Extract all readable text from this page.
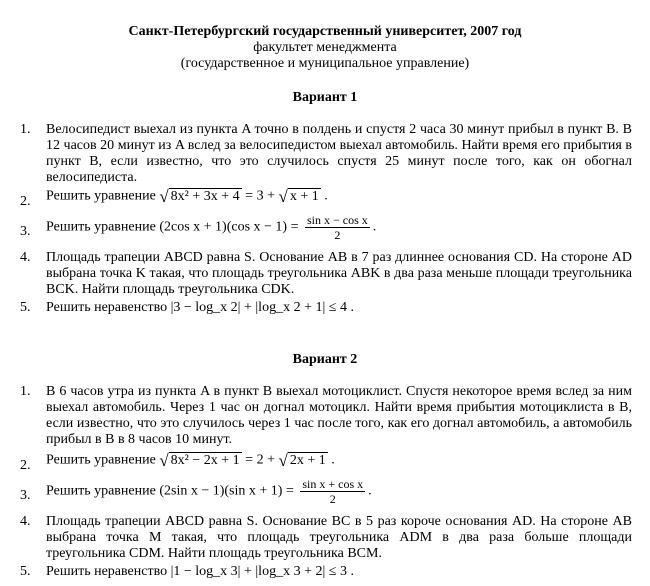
Санкт-Петербургский государственный университет, 2007 год
факультет менеджмента
(государственное и муниципальное управление)
Вариант 1
1. Велосипедист выехал из пункта A точно в полдень и спустя 2 часа 30 минут прибыл в пункт B. В 12 часов 20 минут из A вслед за велосипедистом выехал автомобиль. Найти время его прибытия в пункт B, если известно, что это случилось спустя 25 минут после того, как он обогнал велосипедиста.
2. Решить уравнение √ 8x² + 3x + 4 = 3 + √ x + 1 .
3. Решить уравнение (2cos x + 1)(cos $x - 1) = \frac{\text{sin x − cos x}}{2}$ .
4. Площадь трапеции ABCD равна S. Основание AB в 7 раз длиннее основания CD. На стороне AD выбрана точка K такая, что площадь треугольника ABK в два раза меньше площади треугольника BCK. Найти площадь треугольника CDK.
5. Решить неравенство |3 − log_x 2| + |log_x 2 + 1| ≤ 4 .
Вариант 2
1. В 6 часов утра из пункта A в пункт B выехал мотоциклист. Спустя некоторое время вслед за ним выехал автомобиль. Через 1 час он догнал мотоцикл. Найти время прибытия мотоциклиста в B, если известно, что это случилось через 1 час после того, как его догнал автомобиль, а автомобиль прибыл в B в 8 часов 10 минут.
2. Решить уравнение √ 8x² − 2x + 1 = 2 + √ 2x + 1 .
3. Решить уравнение (2sin x − 1)(sin $x + 1) = \frac{\text{sin x + cos x}}{2}$ .
4. Площадь трапеции ABCD равна S. Основание BC в 5 раз короче основания AD. На стороне AB выбрана точка M такая, что площадь треугольника ADM в два раза больше площади треугольника CDM. Найти площадь треугольника BCM.
5. Решить неравенство |1 − log_x 3| + |log_x 3 + 2| ≤ 3 .
